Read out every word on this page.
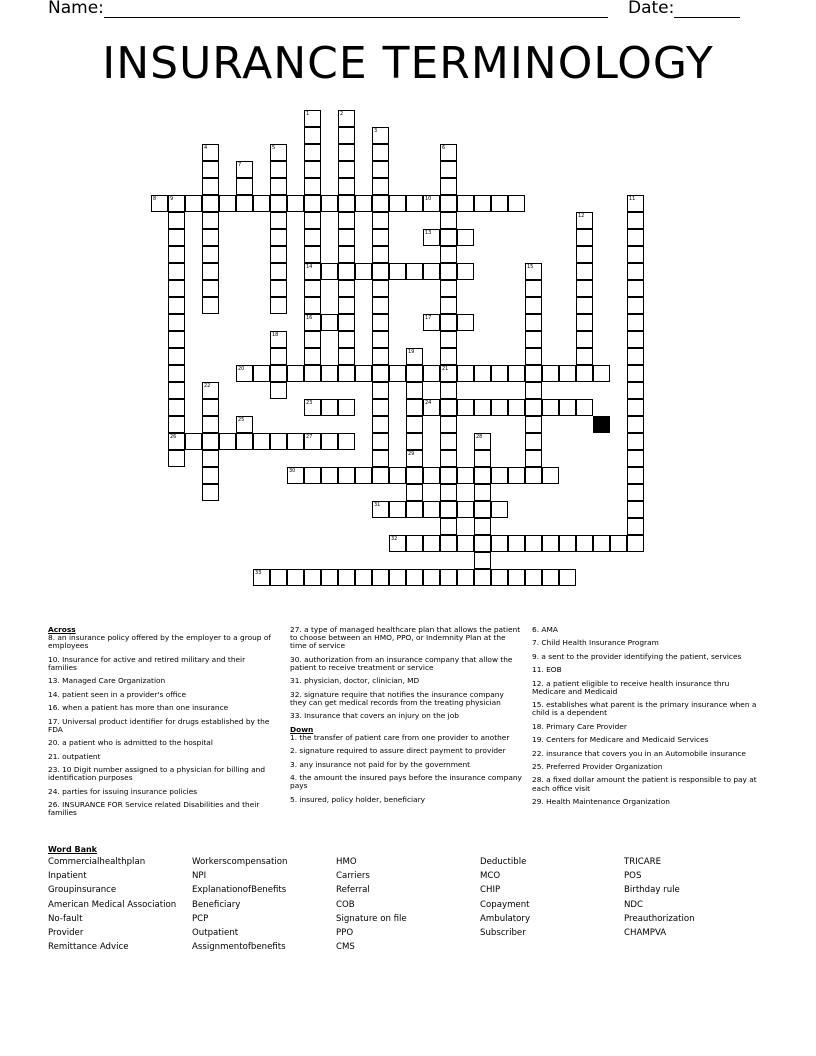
Name:	Date:
INSURANCE TERMINOLOGY
8	10
13
14
16	17
20	21
23	24
26	27
30
31
32
33
1	2
3
4	5	6
7
9	11
12
15
18
19
22
25
28
29
Across
8. an insurance policy offered by the employer to a group of employees
10. Insurance for active and retired military and their families
13. Managed Care Organization
14. patient seen in a provider's office
16. when a patient has more than one insurance
17. Universal product identifier for drugs established by the FDA
20. a patient who is admitted to the hospital
21. outpatient
23. 10 Digit number assigned to a physician for billing and identification purposes
24. parties for issuing insurance policies
26. INSURANCE FOR Service related Disabilities and their families
27. a type of managed healthcare plan that allows the patient to choose between an HMO, PPO, or Indemnity Plan at the time of service
30. authorization from an insurance company that allow the patient to receive treatment or service
31. physician, doctor, clinician, MD
32. signature require that notifies the insurance company they can get medical records from the treating physician
33. Insurance that covers an injury on the job
Down
1. the transfer of patient care from one provider to another
2. signature required to assure direct payment to provider
3. any insurance not paid for by the government
4. the amount the insured pays before the insurance company pays
5. insured, policy holder, beneficiary
6. AMA
7. Child Health Insurance Program
9. a sent to the provider identifying the patient, services
11. EOB
12. a patient eligible to receive health insurance thru Medicare and Medicaid
15. establishes what parent is the primary insurance when a child is a dependent
18. Primary Care Provider
19. Centers for Medicare and Medicaid Services
22. insurance that covers you in an Automobile insurance
25. Preferred Provider Organization
28. a fixed dollar amount the patient is responsible to pay at each office visit
29. Health Maintenance Organization
Word Bank
Commercialhealthplan
Inpatient
Groupinsurance
American Medical Association
No-fault
Provider
Remittance Advice
Workerscompensation
NPI
ExplanationofBenefits
Beneficiary
PCP
Outpatient
Assignmentofbenefits
HMO
Carriers
Referral
COB
Signature on file
PPO
CMS
Deductible
MCO
CHIP
Copayment
Ambulatory
Subscriber
TRICARE
POS
Birthday rule
NDC
Preauthorization
CHAMPVA
